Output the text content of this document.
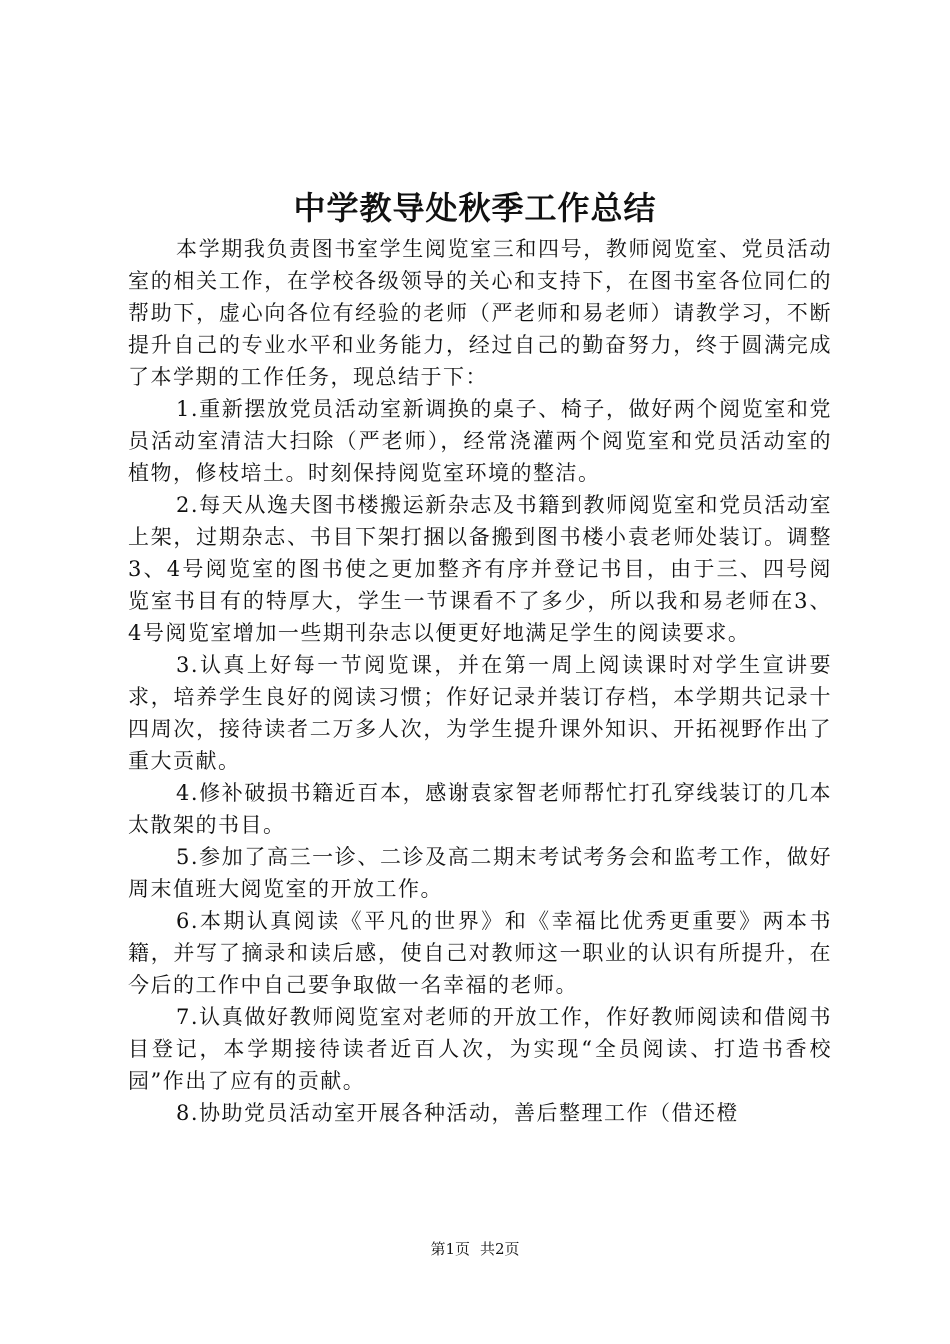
中学教导处秋季工作总结

本学期我负责图书室学生阅览室三和四号，教师阅览室、党员活动室的相关工作，在学校各级领导的关心和支持下，在图书室各位同仁的帮助下，虚心向各位有经验的老师（严老师和易老师）请教学习，不断提升自己的专业水平和业务能力，经过自己的勤奋努力，终于圆满完成了本学期的工作任务，现总结于下：

1.重新摆放党员活动室新调换的桌子、椅子，做好两个阅览室和党员活动室清洁大扫除（严老师），经常浇灌两个阅览室和党员活动室的植物，修枝培土。时刻保持阅览室环境的整洁。

2.每天从逸夫图书楼搬运新杂志及书籍到教师阅览室和党员活动室上架，过期杂志、书目下架打捆以备搬到图书楼小袁老师处装订。调整3、4号阅览室的图书使之更加整齐有序并登记书目，由于三、四号阅览室书目有的特厚大，学生一节课看不了多少，所以我和易老师在3、4号阅览室增加一些期刊杂志以便更好地满足学生的阅读要求。

3.认真上好每一节阅览课，并在第一周上阅读课时对学生宣讲要求，培养学生良好的阅读习惯；作好记录并装订存档，本学期共记录十四周次，接待读者二万多人次，为学生提升课外知识、开拓视野作出了重大贡献。

4.修补破损书籍近百本，感谢袁家智老师帮忙打孔穿线装订的几本太散架的书目。

5.参加了高三一诊、二诊及高二期末考试考务会和监考工作，做好周末值班大阅览室的开放工作。

6.本期认真阅读《平凡的世界》和《幸福比优秀更重要》两本书籍，并写了摘录和读后感，使自己对教师这一职业的认识有所提升，在今后的工作中自己要争取做一名幸福的老师。

7.认真做好教师阅览室对老师的开放工作，作好教师阅读和借阅书目登记，本学期接待读者近百人次，为实现“全员阅读、打造书香校园”作出了应有的贡献。

8.协助党员活动室开展各种活动，善后整理工作（借还橙

第1页 共2页
